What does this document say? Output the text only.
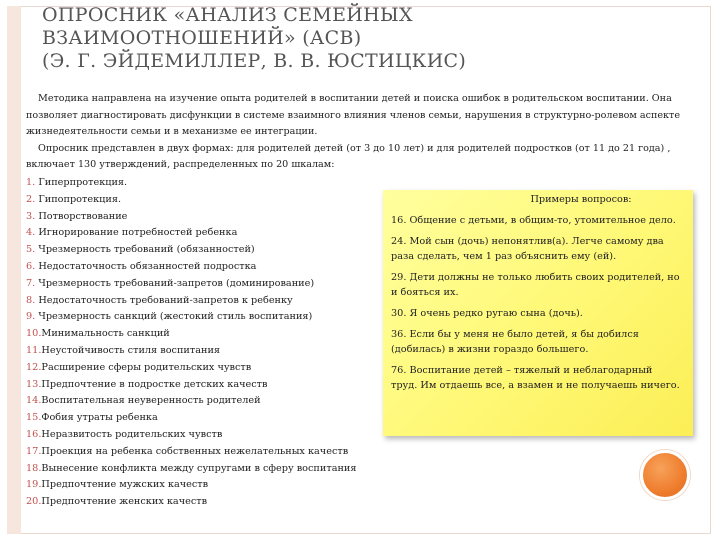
ОПРОСНИК «АНАЛИЗ СЕМЕЙНЫХ
ВЗАИМООТНОШЕНИЙ» (АСВ)
(Э. Г. ЭЙДЕМИЛЛЕР, В. В. ЮСТИЦКИС)

Методика направлена на изучение опыта родителей в воспитании детей и поиска ошибок в родительском воспитании. Она позволяет диагностировать дисфункции в системе взаимного влияния членов семьи, нарушения в структурно-ролевом аспекте жизнедеятельности семьи и в механизме ее интеграции.

Опросник представлен в двух формах: для родителей детей (от 3 до 10 лет) и для родителей подростков (от 11 до 21 года) , включает 130 утверждений, распределенных по 20 шкалам:

1. Гиперпротекция.
2. Гипопротекция.
3. Потворствование
4. Игнорирование потребностей ребенка
5. Чрезмерность требований (обязанностей)
6. Недостаточность обязанностей подростка
7. Чрезмерность требований-запретов (доминирование)
8. Недостаточность требований-запретов к ребенку
9. Чрезмерность санкций (жестокий стиль воспитания)
10.Минимальность санкций
11.Неустойчивость стиля воспитания
12.Расширение сферы родительских чувств
13.Предпочтение в подростке детских качеств
14.Воспитательная неуверенность родителей
15.Фобия утраты ребенка
16.Неразвитость родительских чувств
17.Проекция на ребенка собственных нежелательных качеств
18.Вынесение конфликта между супругами в сферу воспитания
19.Предпочтение мужских качеств
20.Предпочтение женских качеств

Примеры вопросов:

16. Общение с детьми, в общим-то, утомительное дело.

24. Мой сын (дочь) непонятлив(а). Легче самому два раза сделать, чем 1 раз объяснить ему (ей).

29. Дети должны не только любить своих родителей, но и бояться их.

30. Я очень редко ругаю сына (дочь).

36. Если бы у меня не было детей, я бы добился (добилась) в жизни гораздо большего.

76. Воспитание детей – тяжелый и неблагодарный труд. Им отдаешь все, а взамен и не получаешь ничего.
